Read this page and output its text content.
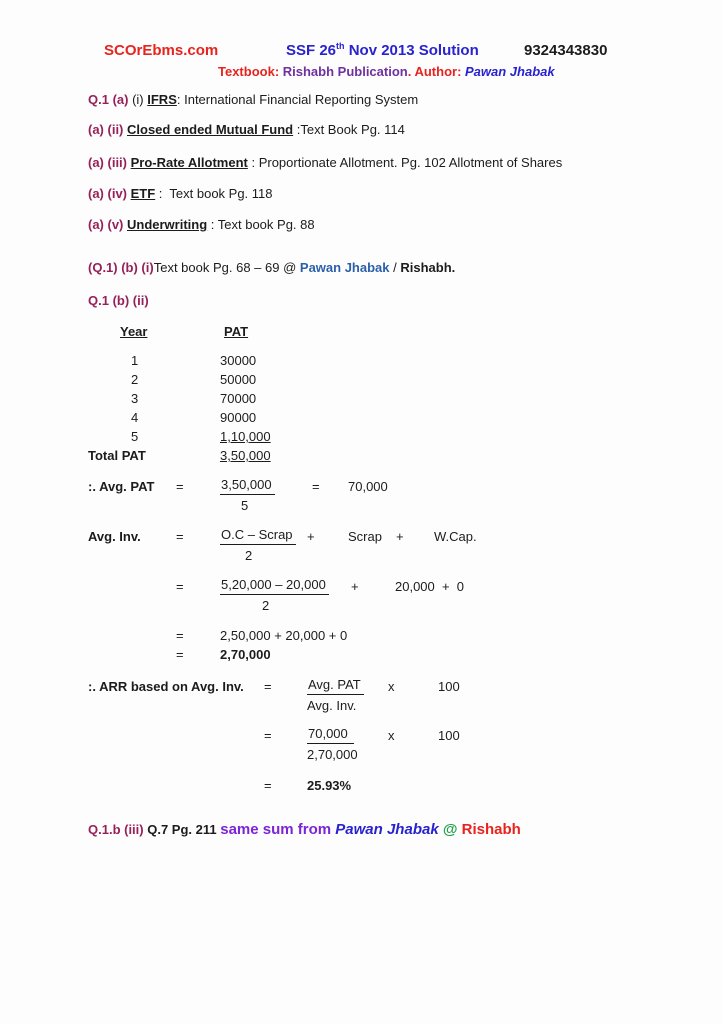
SCOrEbms.com	SSF 26th Nov 2013 Solution	9324343830
Textbook: Rishabh Publication. Author: Pawan Jhabak
Q.1 (a) (i) IFRS: International Financial Reporting System
(a) (ii) Closed ended Mutual Fund :Text Book Pg. 114
(a) (iii) Pro-Rate Allotment : Proportionate Allotment. Pg. 102 Allotment of Shares
(a) (iv) ETF :  Text book Pg. 118
(a) (v) Underwriting : Text book Pg. 88
(Q.1) (b) (i)Text book Pg. 68 – 69 @ Pawan Jhabak / Rishabh.
Q.1 (b) (ii)
Year	PAT
1	30000
2	50000
3	70000
4	90000
5	1,10,000
Total PAT	3,50,000
:. Avg. PAT =	3,50,000
5
= 70,000
Avg. Inv.	=	O.C – Scrap
2
+	Scrap + W.Cap.
=	5,20,000 – 20,000
2
+	20,000  +  0
=	2,50,000 + 20,000 + 0
=	2,70,000
:. ARR based on Avg. Inv. =	Avg. PAT
Avg. Inv.
x	100
=	70,000
2,70,000
x	100
=	25.93%
Q.1.b (iii) Q.7 Pg. 211 same sum from Pawan Jhabak @ Rishabh
